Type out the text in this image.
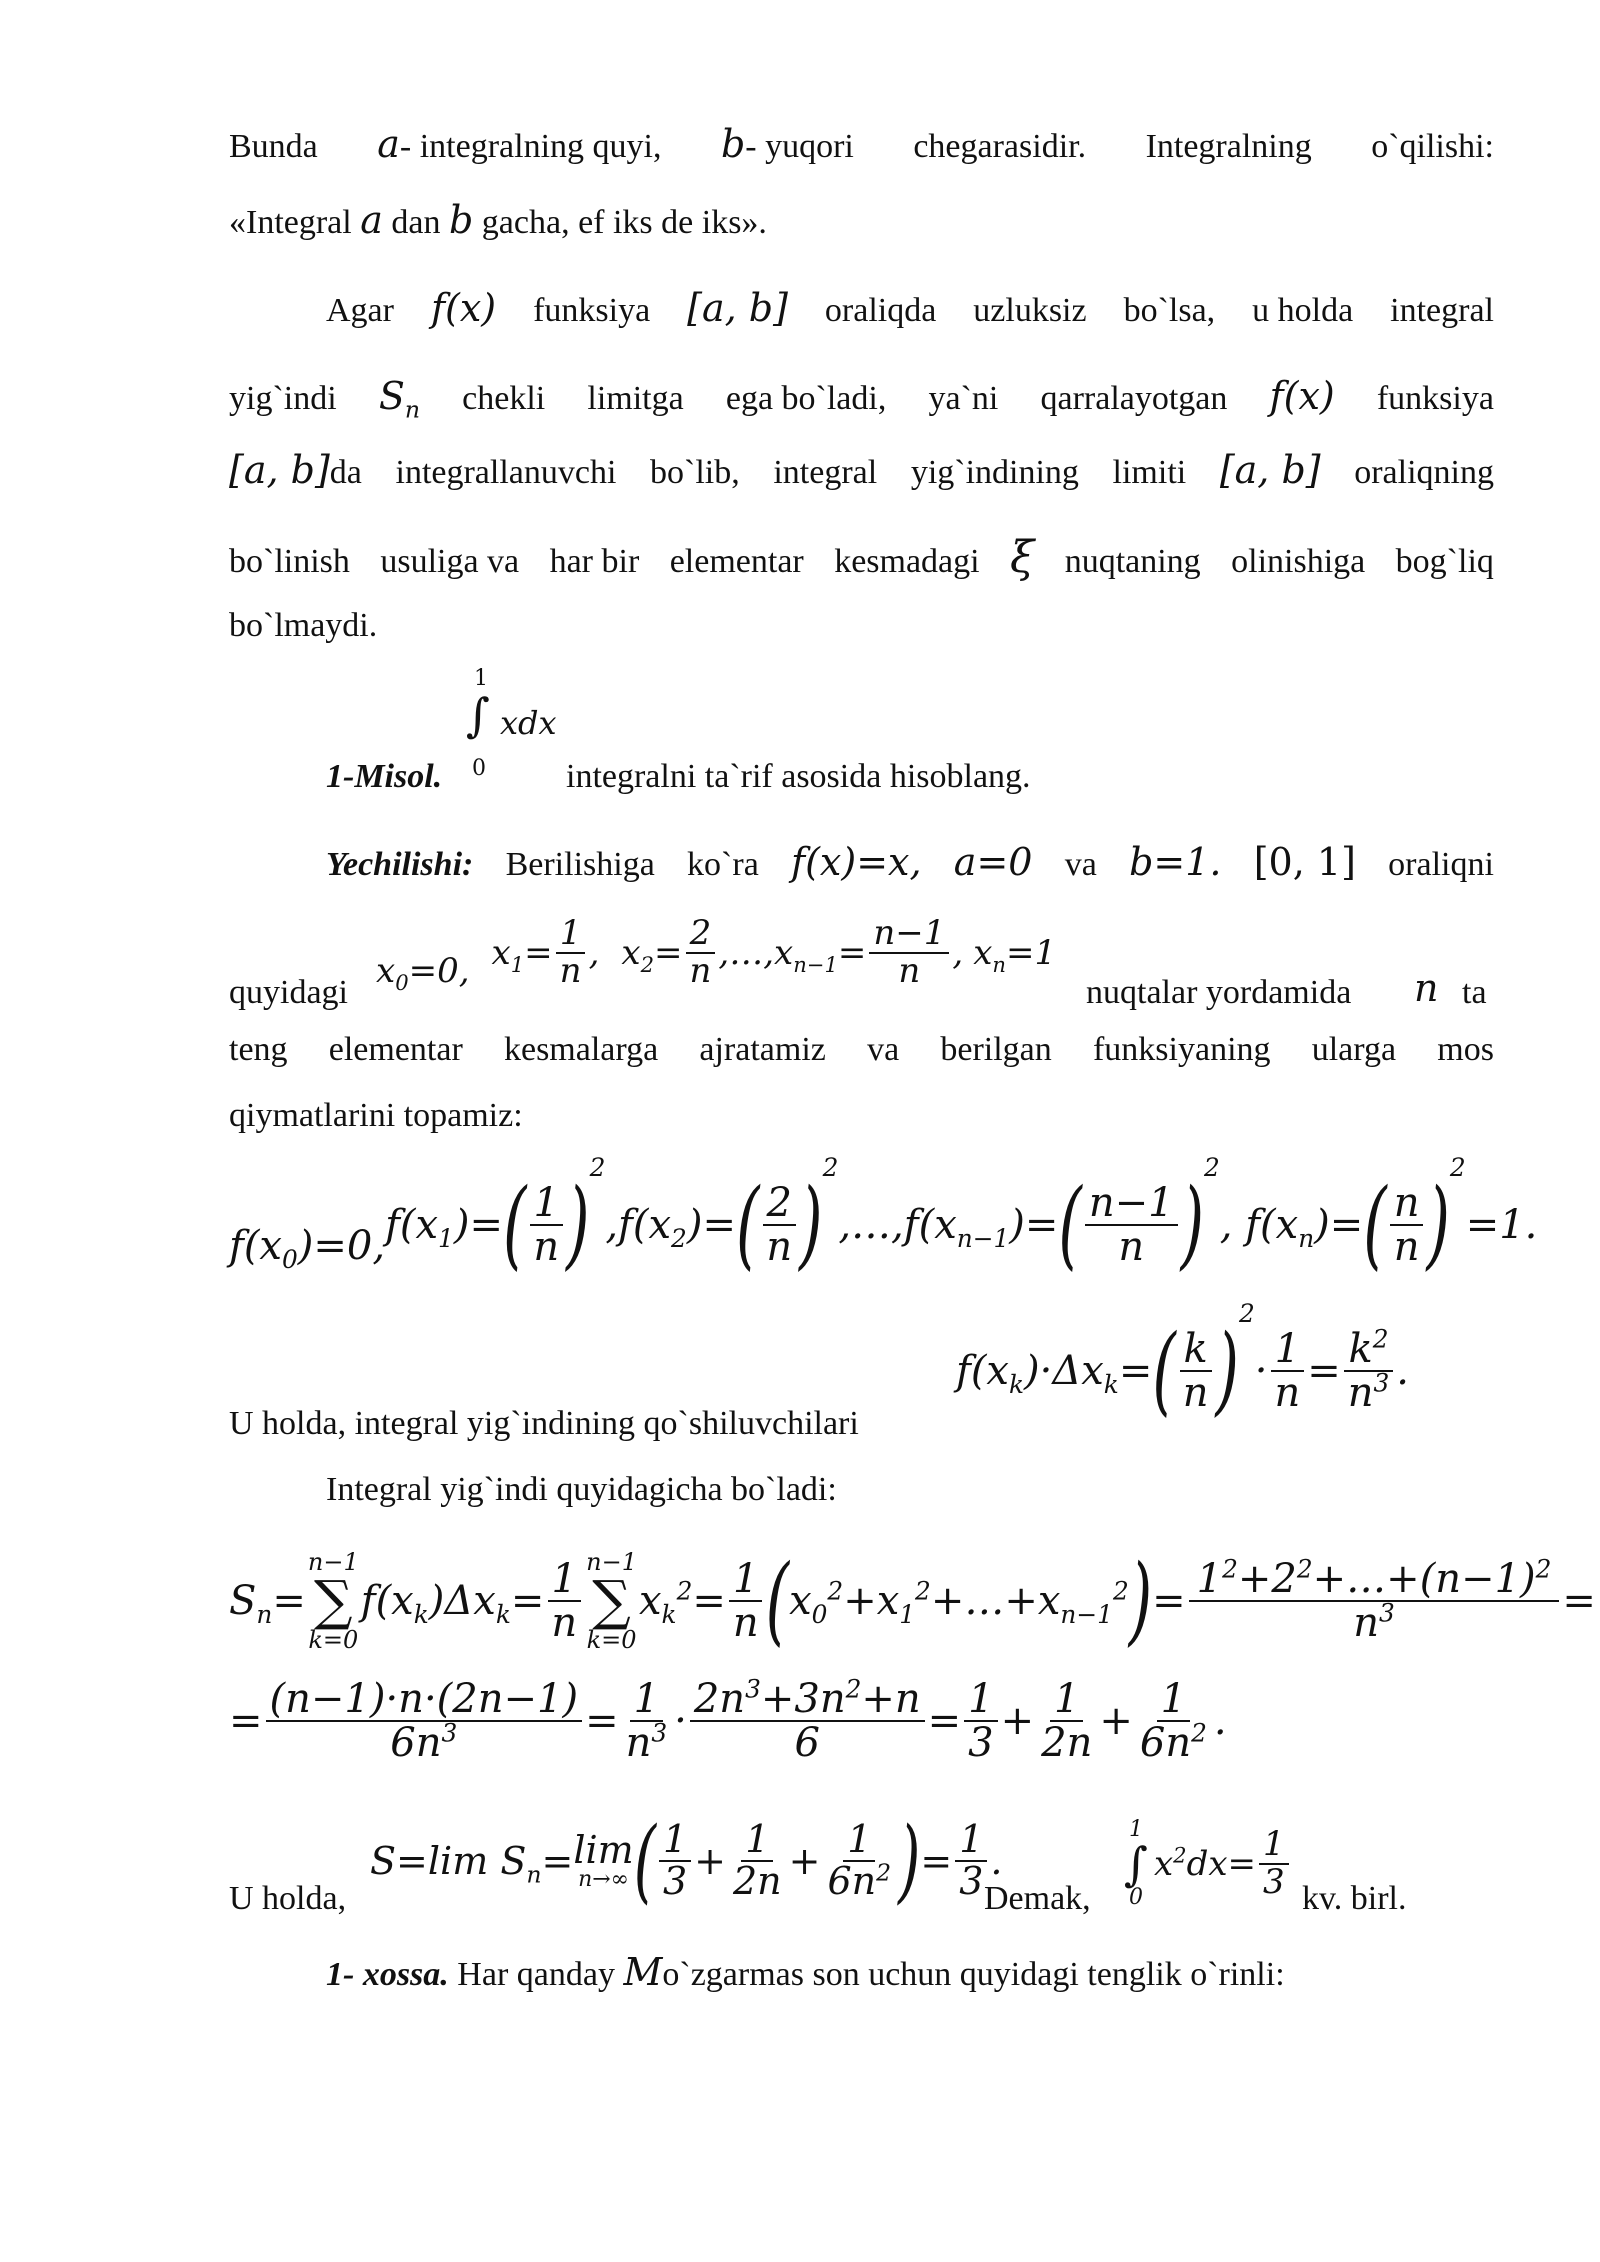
Bunda a- integralning quyi, b- yuqori chegarasidir. Integralning o`qilishi:
«Integral a dan b gacha, ef iks de iks».
Agar f(x) funksiya [a, b] oraliqda uzluksiz bo`lsa, u holda integral
yig`indi $S_n$ chekli limitga ega bo`ladi, ya`ni qarralayotgan f(x) funksiya
[a, b]da integrallanuvchi bo`lib, integral yig`indining limiti [a, b] oraliqning
bo`linish usuliga va har bir elementar kesmadagi ξ nuqtaning olinishiga bog`liq
bo`lmaydi.
1-Misol.
1
∫ xdx
0 integralni ta`rif asosida hisoblang.
Yechilishi: Berilishiga ko`ra f(x)=x, a=0 va b=1. [0, 1] oraliqni
quyidagi
$x_0=0$, $x_1= \frac{1}{n}$ , $x_2= \frac{2}{n}$ ,…, $x_{n-1}= \frac{n-1}{n}$ , $x_n=1$
nuqtalar yordamida n ta
teng elementar kesmalarga ajratamiz va berilgan funksiyaning ularga mos
qiymatlarini topamiz:
$f(x_0)=0$, $f(x_1)=$ ( $\frac{1}{n}$ )
2
$,f(x_2)=$ ( $\frac{2}{n}$ )
2
,…, $f(x_{n-1})=$ ( $\frac{n-1}{n}$ )
2
, $f(x_n)=$ ( $\frac{n}{n}$ )
2
=1.
$f(x_k)\cdot\Delta x_k=$ ( $\frac{k}{n}$ )
2
· $\frac{1}{n} = \frac{k^2}{n^3}$ .
U holda, integral yig`indining qo`shiluvchilari
Integral yig`indi quyidagicha bo`ladi:
$S_n=$
n−1
∑
k=0
$f(x_k)\Delta x_k= \frac{1}{n} n-1$
∑
k=0
$x_k^2= \frac{1}{n}$ ( $x_0^2+x_1^2+\dots+x_{n-1}^2$ ) = $\frac{1^2+2^2+\dots+(n-1)^2}{n^3}$ =
= $\frac{(n-1)\cdot n\cdot(2n-1)}{6n^3} = \frac{1}{n^3} \cdot \frac{2n^3+3n^2+n}{6} = \frac{1}{3} + \frac{1}{2n} + \frac{1}{6n^2}$ .
U holda,
S=lim $S_n= \lim$
n→∞ ( $\frac{1}{3} + \frac{1}{2n} + \frac{1}{6n^2}$ ) = $\frac{1}{3}$ .
Demak,
1
∫
0
$x^2dx= \frac{1}{3}$ kv. birl.
1- xossa. Har qanday Mo`zgarmas son uchun quyidagi tenglik o`rinli:
